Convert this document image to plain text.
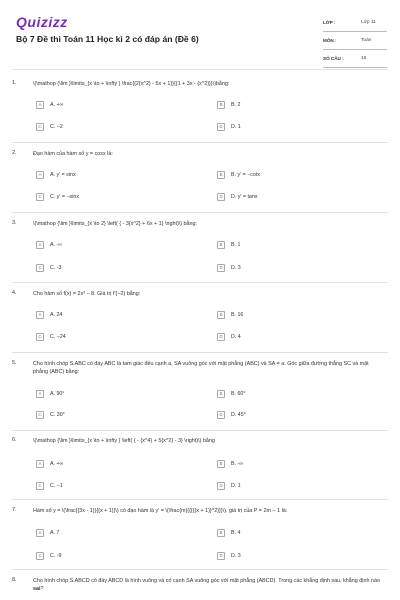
Quizizz
Bộ 7 Đề thi Toán 11 Học kì 2 có đáp án (Đề 6)
LỚP :	Lớp 11
MÔN :	Toán
SỐ CÂU :	16
1.	\(\mathop {\lim }\limits_{x \to + \infty } \frac{{2{x^2} - 5x + 1}}{{1 + 3x - {x^2}}}\)bằng:
A	A. +∞	B	B. 2
C	C. −2	D	D. 1
2.	Đạo hàm của hàm số y = cosx là:
A	A. y' = sinx	B	B. y' = −cotx
C	C. y' = −sinx	D	D. y' = tanx
3.	\(\mathop {\lim }\limits_{x \to 2} \left( { - 3{x^2} + 6x + 1} \right)\) bằng:
A	A. -∞	B	B. 1
C	C. -3	D	D. 3
4.	Cho hàm số f(x) = 2x³ − 8. Giá trị f'(−2) bằng:
A	A. 24	B	B. 16
C	C. −24	D	D. 4
5.	Cho hình chóp S.ABC có đáy ABC là tam giác đều cạnh a, SA vuông góc với mặt phẳng (ABC) và SA = a. Góc giữa đường thẳng SC và mặt phẳng (ABC) bằng:
A	A. 90°	B	B. 60°
C	C. 30°	D	D. 45°
6.	\(\mathop {\lim }\limits_{x \to + \infty } \left( { - {x^4} + 5{x^2} - 3} \right)\) bằng
A	A. +∞	B	B. -∞
C	C. −1	D	D. 1
7.	Hàm số y = \(\frac{{3x - 1}}{{x + 1}}\) có đạo hàm là y' = \(\frac{m}{{{{(x + 1)}^2}}}\), giá trị của P = 2m − 1 là:
A	A. 7	B	B. 4
C	C. -9	D	D. 3
8.	Cho hình chóp S.ABCD có đáy ABCD là hình vuông và có cạnh SA vuông góc với mặt phẳng (ABCD). Trong các khẳng định sau, khẳng định nào sai?
